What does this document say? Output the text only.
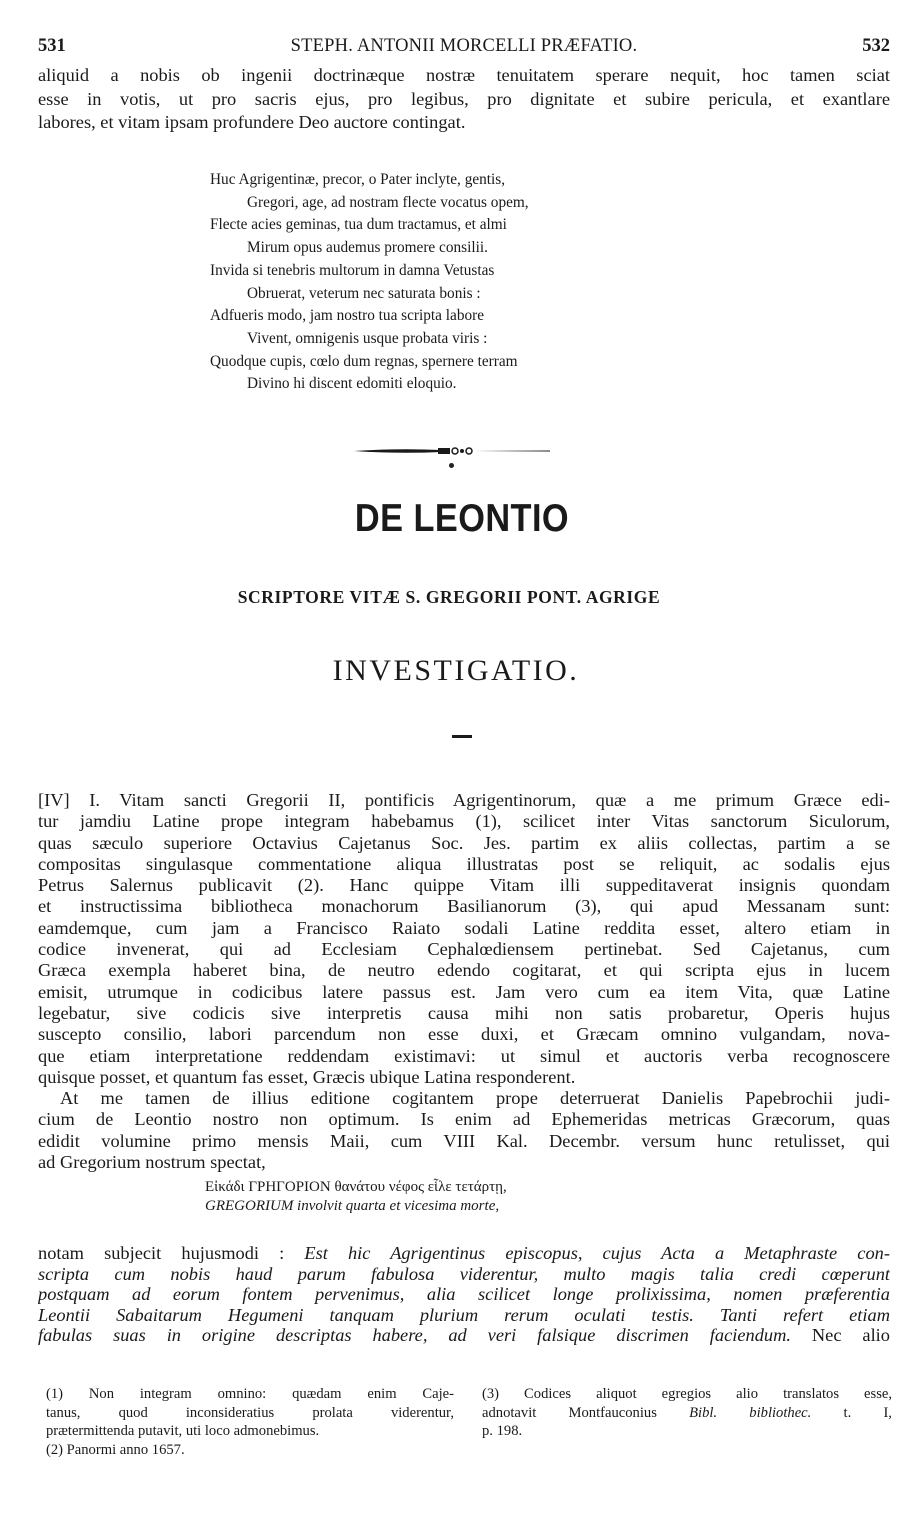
531	STEPH. ANTONII MORCELLI PRÆFATIO.	532
aliquid a nobis ob ingenii doctrinæque nostræ tenuitatem sperare nequit, hoc tamen sciat
esse in votis, ut pro sacris ejus, pro legibus, pro dignitate et subire pericula, et exantlare
labores, et vitam ipsam profundere Deo auctore contingat.
Huc Agrigentinæ, precor, o Pater inclyte, gentis,
Gregori, age, ad nostram flecte vocatus opem,
Flecte acies geminas, tua dum tractamus, et almi
Mirum opus audemus promere consilii.
Invida si tenebris multorum in damna Vetustas
Obruerat, veterum nec saturata bonis :
Adfueris modo, jam nostro tua scripta labore
Vivent, omnigenis usque probata viris :
Quodque cupis, cœlo dum regnas, spernere terram
Divino hi discent edomiti eloquio.
DE LEONTIO
SCRIPTORE VITÆ S. GREGORII PONT. AGRIGE
INVESTIGATIO.
[IV] I. Vitam sancti Gregorii II, pontificis Agrigentinorum, quæ a me primum Græce edi-
tur jamdiu Latine prope integram habebamus (1), scilicet inter Vitas sanctorum Siculorum,
quas sæculo superiore Octavius Cajetanus Soc. Jes. partim ex aliis collectas, partim a se
compositas singulasque commentatione aliqua illustratas post se reliquit, ac sodalis ejus
Petrus Salernus publicavit (2). Hanc quippe Vitam illi suppeditaverat insignis quondam
et instructissima bibliotheca monachorum Basilianorum (3), qui apud Messanam sunt:
eamdemque, cum jam a Francisco Raiato sodali Latine reddita esset, altero etiam in
codice invenerat, qui ad Ecclesiam Cephalœdiensem pertinebat. Sed Cajetanus, cum
Græca exempla haberet bina, de neutro edendo cogitarat, et qui scripta ejus in lucem
emisit, utrumque in codicibus latere passus est. Jam vero cum ea item Vita, quæ Latine
legebatur, sive codicis sive interpretis causa mihi non satis probaretur, Operis hujus
suscepto consilio, labori parcendum non esse duxi, et Græcam omnino vulgandam, nova-
que etiam interpretatione reddendam existimavi: ut simul et auctoris verba recognoscere
quisque posset, et quantum fas esset, Græcis ubique Latina responderent.
At me tamen de illius editione cogitantem prope deterruerat Danielis Papebrochii judi-
cium de Leontio nostro non optimum. Is enim ad Ephemeridas metricas Græcorum, quas
edidit volumine primo mensis Maii, cum VIII Kal. Decembr. versum hunc retulisset, qui
ad Gregorium nostrum spectat,
Εἰκάδι ΓΡΗΓΟΡΙΟΝ θανάτου νέφος εἷλε τετάρτῃ,
GREGORIUM involvit quarta et vicesima morte,
notam subjecit hujusmodi : Est hic Agrigentinus episcopus, cujus Acta a Metaphraste con-
scripta cum nobis haud parum fabulosa viderentur, multo magis talia credi cœperunt
postquam ad eorum fontem pervenimus, alia scilicet longe prolixissima, nomen præferentia
Leontii Sabaitarum Hegumeni tanquam plurium rerum oculati testis. Tanti refert etiam
fabulas suas in origine descriptas habere, ad veri falsique discrimen faciendum. Nec alio
(1) Non integram omnino: quædam enim Caje-
tanus, quod inconsideratius prolata viderentur,
prætermittenda putavit, uti loco admonebimus.
(2) Panormi anno 1657.
(3) Codices aliquot egregios alio translatos esse,
adnotavit Montfauconius Bibl. bibliothec. t. I,
p. 198.
